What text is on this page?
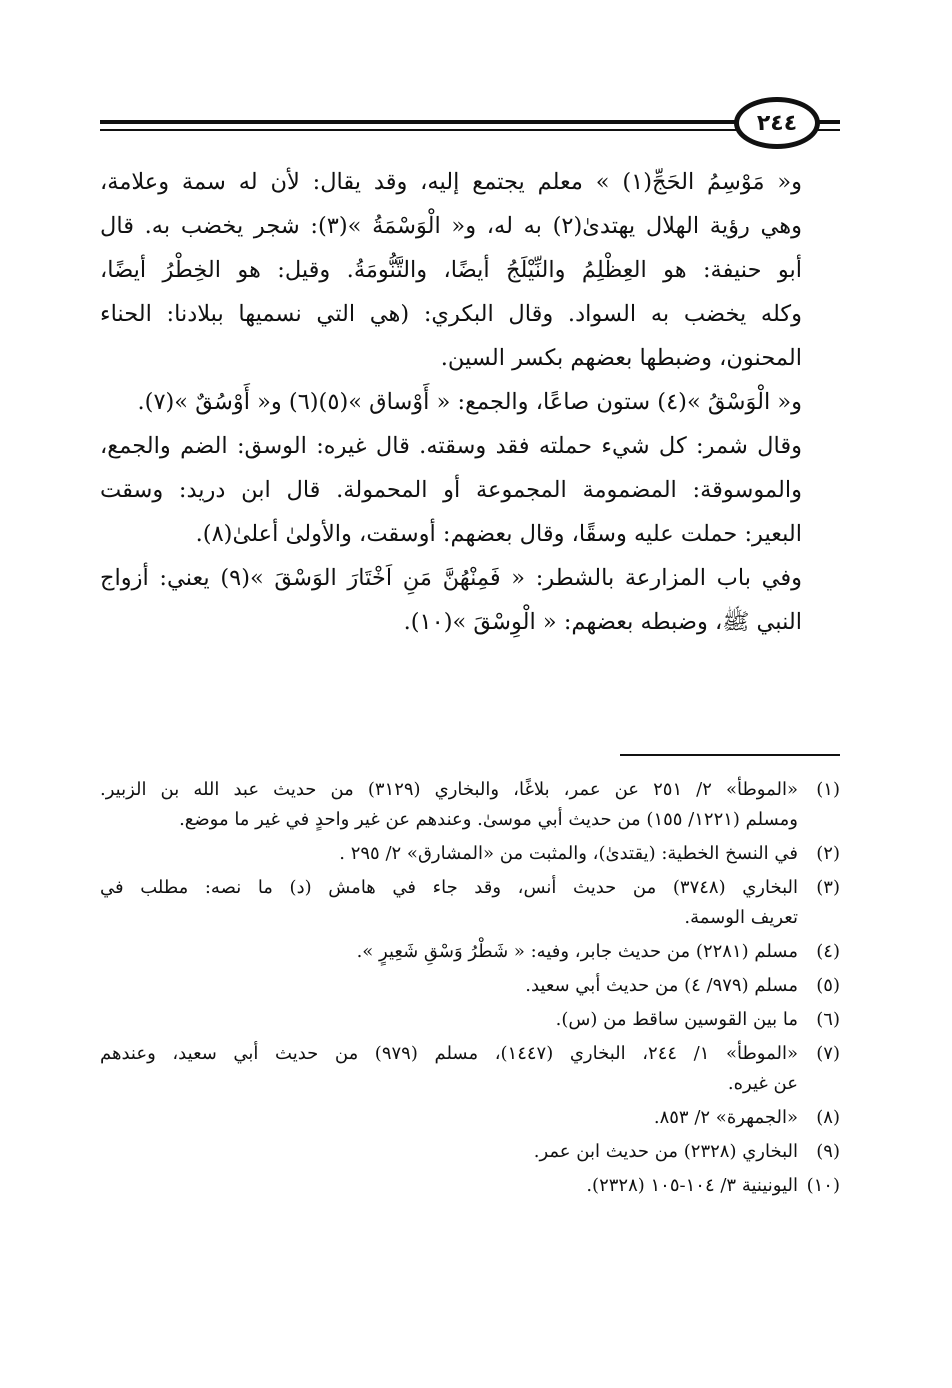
٢٤٤

و« مَوْسِمُ الحَجِّ(١) » معلم يجتمع إليه، وقد يقال: لأن له سمة وعلامة،
وهي رؤية الهلال يهتدىٰ(٢) به له، و« الْوَسْمَةُ »(٣): شجر يخضب به. قال
أبو حنيفة: هو العِظْلِمُ والنِّيْلَجُ أيضًا، والتَّنُّومَةُ. وقيل: هو الخِطْرُ أيضًا،
وكله يخضب به السواد. وقال البكري: (هي التي نسميها ببلادنا: الحناء
المحنون، وضبطها بعضهم بكسر السين.

و« الْوَسْقُ »(٤) ستون صاعًا، والجمع: « أَوْساق »(٥)(٦) و« أَوْسُقٌ »(٧).
وقال شمر: كل شيء حملته فقد وسقته. قال غيره: الوسق: الضم والجمع،
والموسوقة: المضمومة المجموعة أو المحمولة. قال ابن دريد: وسقت
البعير: حملت عليه وسقًا، وقال بعضهم: أوسقت، والأولىٰ أعلىٰ(٨).

وفي باب المزارعة بالشطر: « فَمِنْهُنَّ مَنِ اَخْتَارَ الوَسْقَ »(٩) يعني: أزواج
النبي ﷺ، وضبطه بعضهم: « الْوِسْقَ »(١٠).

(١)
«الموطأ» ٢/ ٢٥١ عن عمر، بلاغًا، والبخاري (٣١٢٩) من حديث عبد الله بن الزبير.
ومسلم (١٢٢١/ ١٥٥) من حديث أبي موسىٰ. وعندهم عن غير واحدٍ في غير ما موضع.
(٢)
في النسخ الخطية: (يقتدىٰ)، والمثبت من «المشارق» ٢/ ٢٩٥ .
(٣)
البخاري (٣٧٤٨) من حديث أنس، وقد جاء في هامش (د) ما نصه: مطلب في
تعريف الوسمة.
(٤)
مسلم (٢٢٨١) من حديث جابر، وفيه: « شَطْرُ وَسْقِ شَعِيرٍ ».
(٥)
مسلم (٩٧٩/ ٤) من حديث أبي سعيد.
(٦)
ما بين القوسين ساقط من (س).
(٧)
«الموطأ» ١/ ٢٤٤، البخاري (١٤٤٧)، مسلم (٩٧٩) من حديث أبي سعيد، وعندهم
عن غيره.
(٨)
«الجمهرة» ٢/ ٨٥٣.
(٩)
البخاري (٢٣٢٨) من حديث ابن عمر.
(١٠)
اليونينية ٣/ ١٠٤-١٠٥ (٢٣٢٨).
